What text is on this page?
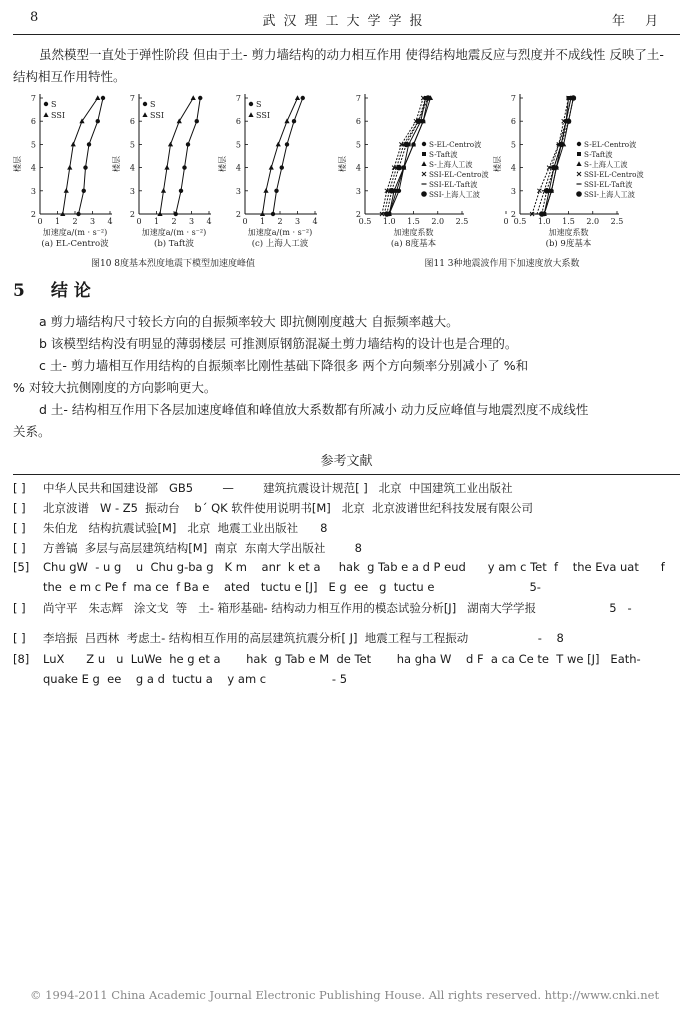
8	武汉理工大学学报	年 月

虽然模型一直处于弹性阶段 但由于土- 剪力墙结构的动力相互作用 使得结构地震反应与烈度并不成线性 反映了土- 结构相互作用特性。

2
3
4
5
6
7
0 1 2 3 4
楼层
加速度a/(m · s⁻²)
(a) EL-Centro波
S
SSI
2
3
4
5
6
7
0 1 2 3 4
楼层
加速度a/(m · s⁻²)
(b) Taft波
S
SSI
2
3
4
5
6
7
0 1 2 3 4
楼层
加速度a/(m · s⁻²)
(c) 上海人工波
S
SSI
2
3
4
5
6
7
0.5 1.0 1.5 2.0 2.5
楼层
加速度系数
(a) 8度基本
S-EL-Centro波
S-Taft波
S-上海人工波
SSI-EL-Centro波
SSI-EL-Taft波
SSI-上海人工波
2
3
4
5
6
7
0 0.5 1.0 1.5 2.0 2.5
楼层
加速度系数
(b) 9度基本
S-EL-Centro波
S-Taft波
S-上海人工波
SSI-EL-Centro波
SSI-EL-Taft波
SSI-上海人工波
图10 8度基本烈度地震下模型加速度峰值	图11 3种地震波作用下加速度放大系数
5 结 论

a 剪力墙结构尺寸较长方向的自振频率较大 即抗侧刚度越大 自振频率越大。

b 该模型结构没有明显的薄弱楼层 可推测原钢筋混凝土剪力墙结构的设计也是合理的。

c 土- 剪力墙相互作用结构的自振频率比刚性基础下降很多 两个方向频率分别减小了 %和

% 对较大抗侧刚度的方向影响更大。

d 土- 结构相互作用下各层加速度峰值和峰值放大系数都有所减小 动力反应峰值与地震烈度不成线性

关系。

参考文献
[ ] 中华人民共和国建设部   GB5        —        建筑抗震设计规范[ ]   北京  中国建筑工业出版社
[ ] 北京波谱   W - Z5  振动台    b΄ QK 软件使用说明书[M]   北京  北京波谱世纪科技发展有限公司
[ ] 朱伯龙   结构抗震试验[M]   北京  地震工业出版社      8
[ ] 方善镐  多层与高层建筑结构[M]  南京  东南大学出版社        8
[5] Chu gW  - u g    u  Chu g-ba g   K m    anr  k et a     hak  g Tab e a d P eud      y am c Tet  f    the Eva uat      f
the  e m c Pe f  ma ce  f Ba e    ated   tuctu e [J]   E g  ee   g  tuctu e                          5-
[ ] 尚守平   朱志辉   涂文戈  等   土- 箱形基础- 结构动力相互作用的模态试验分析[J]   湖南大学学报                    5   -
[ ] 李培振  吕西林  考虑土- 结构相互作用的高层建筑抗震分析[ J]  地震工程与工程振动                   -    8
[8] LuX      Z u   u  LuWe  he g et a       hak  g Tab e M  de Tet       ha gha W    d F  a ca Ce te  T we [J]   Eath-
quake E g  ee    g a d  tuctu a    y am c                  - 5
© 1994-2011 China Academic Journal Electronic Publishing House. All rights reserved. http://www.cnki.net
